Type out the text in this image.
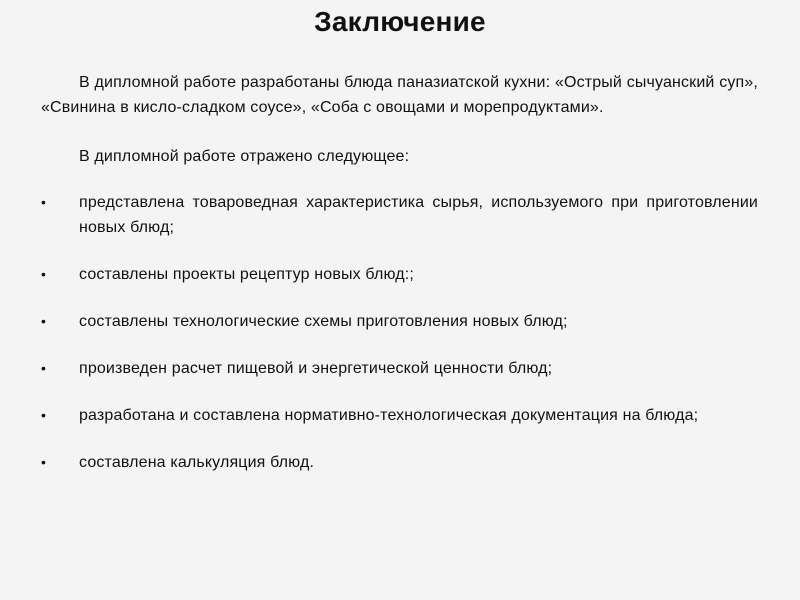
Заключение

В дипломной работе разработаны блюда паназиатской кухни: «Острый сычуанский суп», «Свинина в кисло-сладком соусе», «Соба с овощами и морепродуктами».

В дипломной работе отражено следующее:

• представлена товароведная характеристика сырья, используемого при приготовлении новых блюд;
• составлены проекты рецептур новых блюд:;
• составлены технологические схемы приготовления новых блюд;
• произведен расчет пищевой и энергетической ценности блюд;
• разработана и составлена нормативно-технологическая документация на блюда;
• составлена калькуляция блюд.
